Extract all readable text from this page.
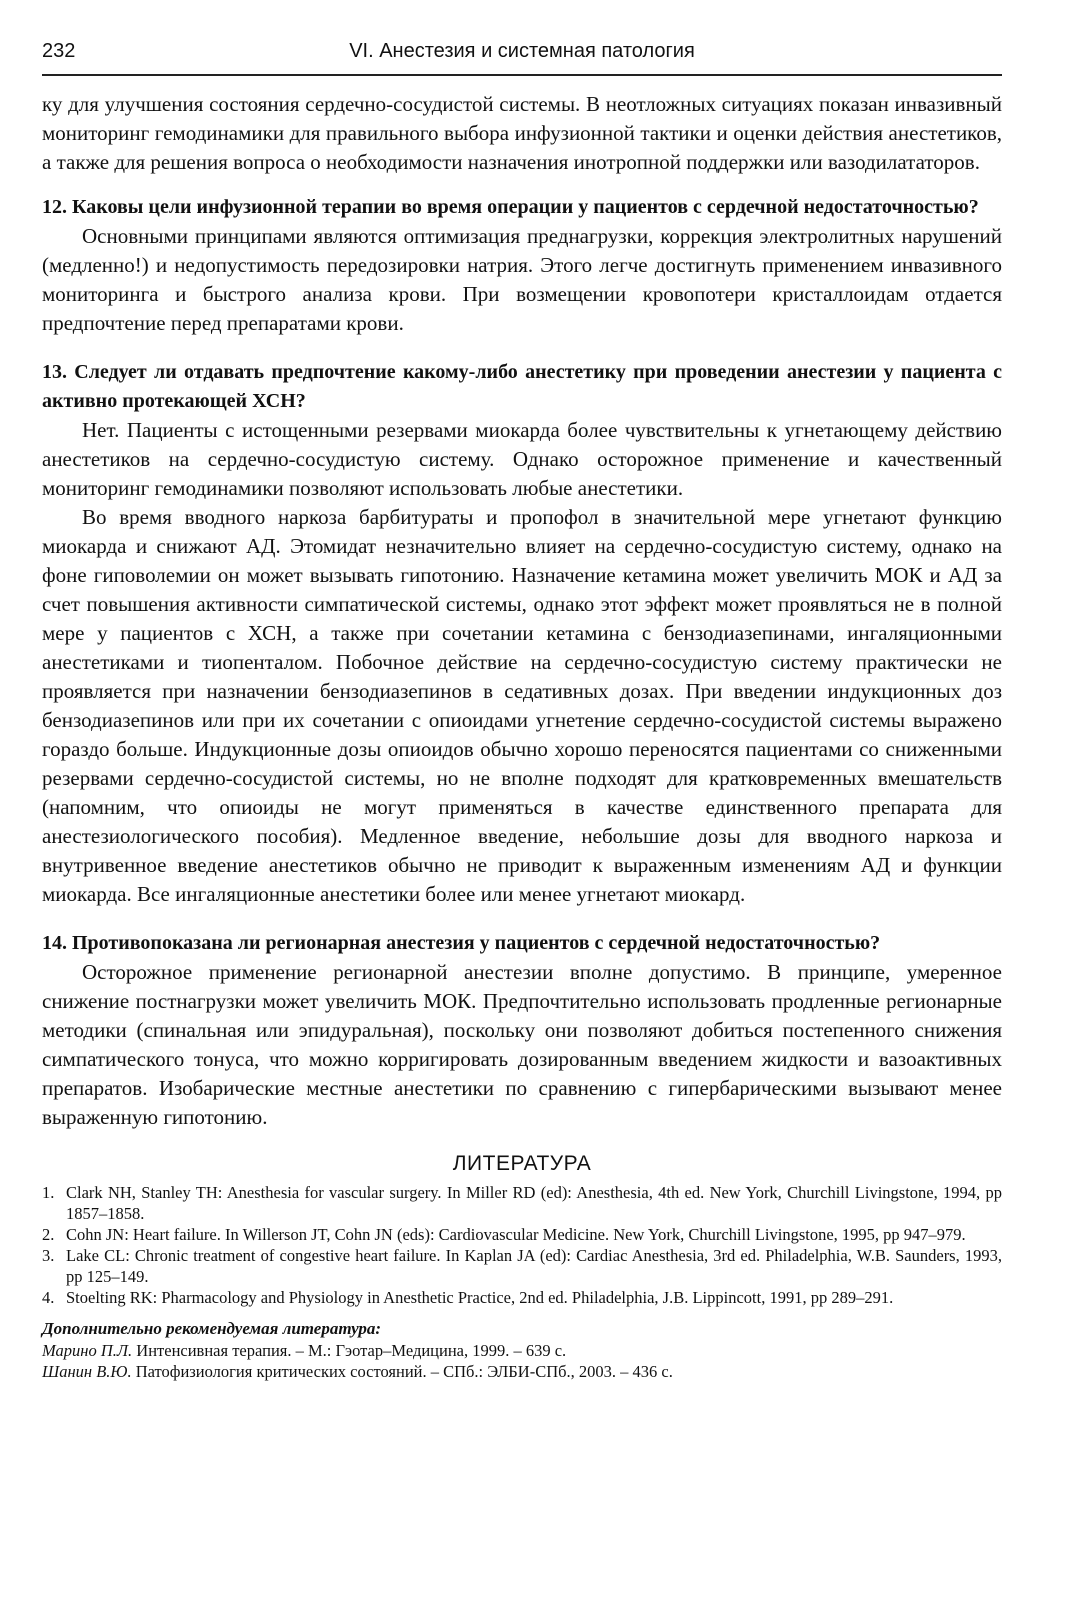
232	VI. Анестезия и системная патология

ку для улучшения состояния сердечно-сосудистой системы. В неотложных ситуациях показан инвазивный мониторинг гемодинамики для правильного выбора инфузионной тактики и оценки действия анестетиков, а также для решения вопроса о необходимости назначения инотропной поддержки или вазодилататоров.

12. Каковы цели инфузионной терапии во время операции у пациентов с сердечной недостаточностью?

Основными принципами являются оптимизация преднагрузки, коррекция электролитных нарушений (медленно!) и недопустимость передозировки натрия. Этого легче достигнуть применением инвазивного мониторинга и быстрого анализа крови. При возмещении кровопотери кристаллоидам отдается предпочтение перед препаратами крови.

13. Следует ли отдавать предпочтение какому-либо анестетику при проведении анестезии у пациента с активно протекающей ХСН?

Нет. Пациенты с истощенными резервами миокарда более чувствительны к угнетающему действию анестетиков на сердечно-сосудистую систему. Однако осторожное применение и качественный мониторинг гемодинамики позволяют использовать любые анестетики.

Во время вводного наркоза барбитураты и пропофол в значительной мере угнетают функцию миокарда и снижают АД. Этомидат незначительно влияет на сердечно-сосудистую систему, однако на фоне гиповолемии он может вызывать гипотонию. Назначение кетамина может увеличить МОК и АД за счет повышения активности симпатической системы, однако этот эффект может проявляться не в полной мере у пациентов с ХСН, а также при сочетании кетамина с бензодиазепинами, ингаляционными анестетиками и тиопенталом. Побочное действие на сердечно-сосудистую систему практически не проявляется при назначении бензодиазепинов в седативных дозах. При введении индукционных доз бензодиазепинов или при их сочетании с опиоидами угнетение сердечно-сосудистой системы выражено гораздо больше. Индукционные дозы опиоидов обычно хорошо переносятся пациентами со сниженными резервами сердечно-сосудистой системы, но не вполне подходят для кратковременных вмешательств (напомним, что опиоиды не могут применяться в качестве единственного препарата для анестезиологического пособия). Медленное введение, небольшие дозы для вводного наркоза и внутривенное введение анестетиков обычно не приводит к выраженным изменениям АД и функции миокарда. Все ингаляционные анестетики более или менее угнетают миокард.

14. Противопоказана ли регионарная анестезия у пациентов с сердечной недостаточностью?

Осторожное применение регионарной анестезии вполне допустимо. В принципе, умеренное снижение постнагрузки может увеличить МОК. Предпочтительно использовать продленные регионарные методики (спинальная или эпидуральная), поскольку они позволяют добиться постепенного снижения симпатического тонуса, что можно корригировать дозированным введением жидкости и вазоактивных препаратов. Изобарические местные анестетики по сравнению с гипербарическими вызывают менее выраженную гипотонию.

ЛИТЕРАТУРА
1. Clark NH, Stanley TH: Anesthesia for vascular surgery. In Miller RD (ed): Anesthesia, 4th ed. New York, Churchill Livingstone, 1994, pp 1857–1858.
2. Cohn JN: Heart failure. In Willerson JT, Cohn JN (eds): Cardiovascular Medicine. New York, Churchill Livingstone, 1995, pp 947–979.
3. Lake CL: Chronic treatment of congestive heart failure. In Kaplan JA (ed): Cardiac Anesthesia, 3rd ed. Philadelphia, W.B. Saunders, 1993, pp 125–149.
4. Stoelting RK: Pharmacology and Physiology in Anesthetic Practice, 2nd ed. Philadelphia, J.B. Lippincott, 1991, pp 289–291.
Дополнительно рекомендуемая литература:
Марино П.Л. Интенсивная терапия. – М.: Гэотар–Медицина, 1999. – 639 с.
Шанин В.Ю. Патофизиология критических состояний. – СПб.: ЭЛБИ-СПб., 2003. – 436 с.
